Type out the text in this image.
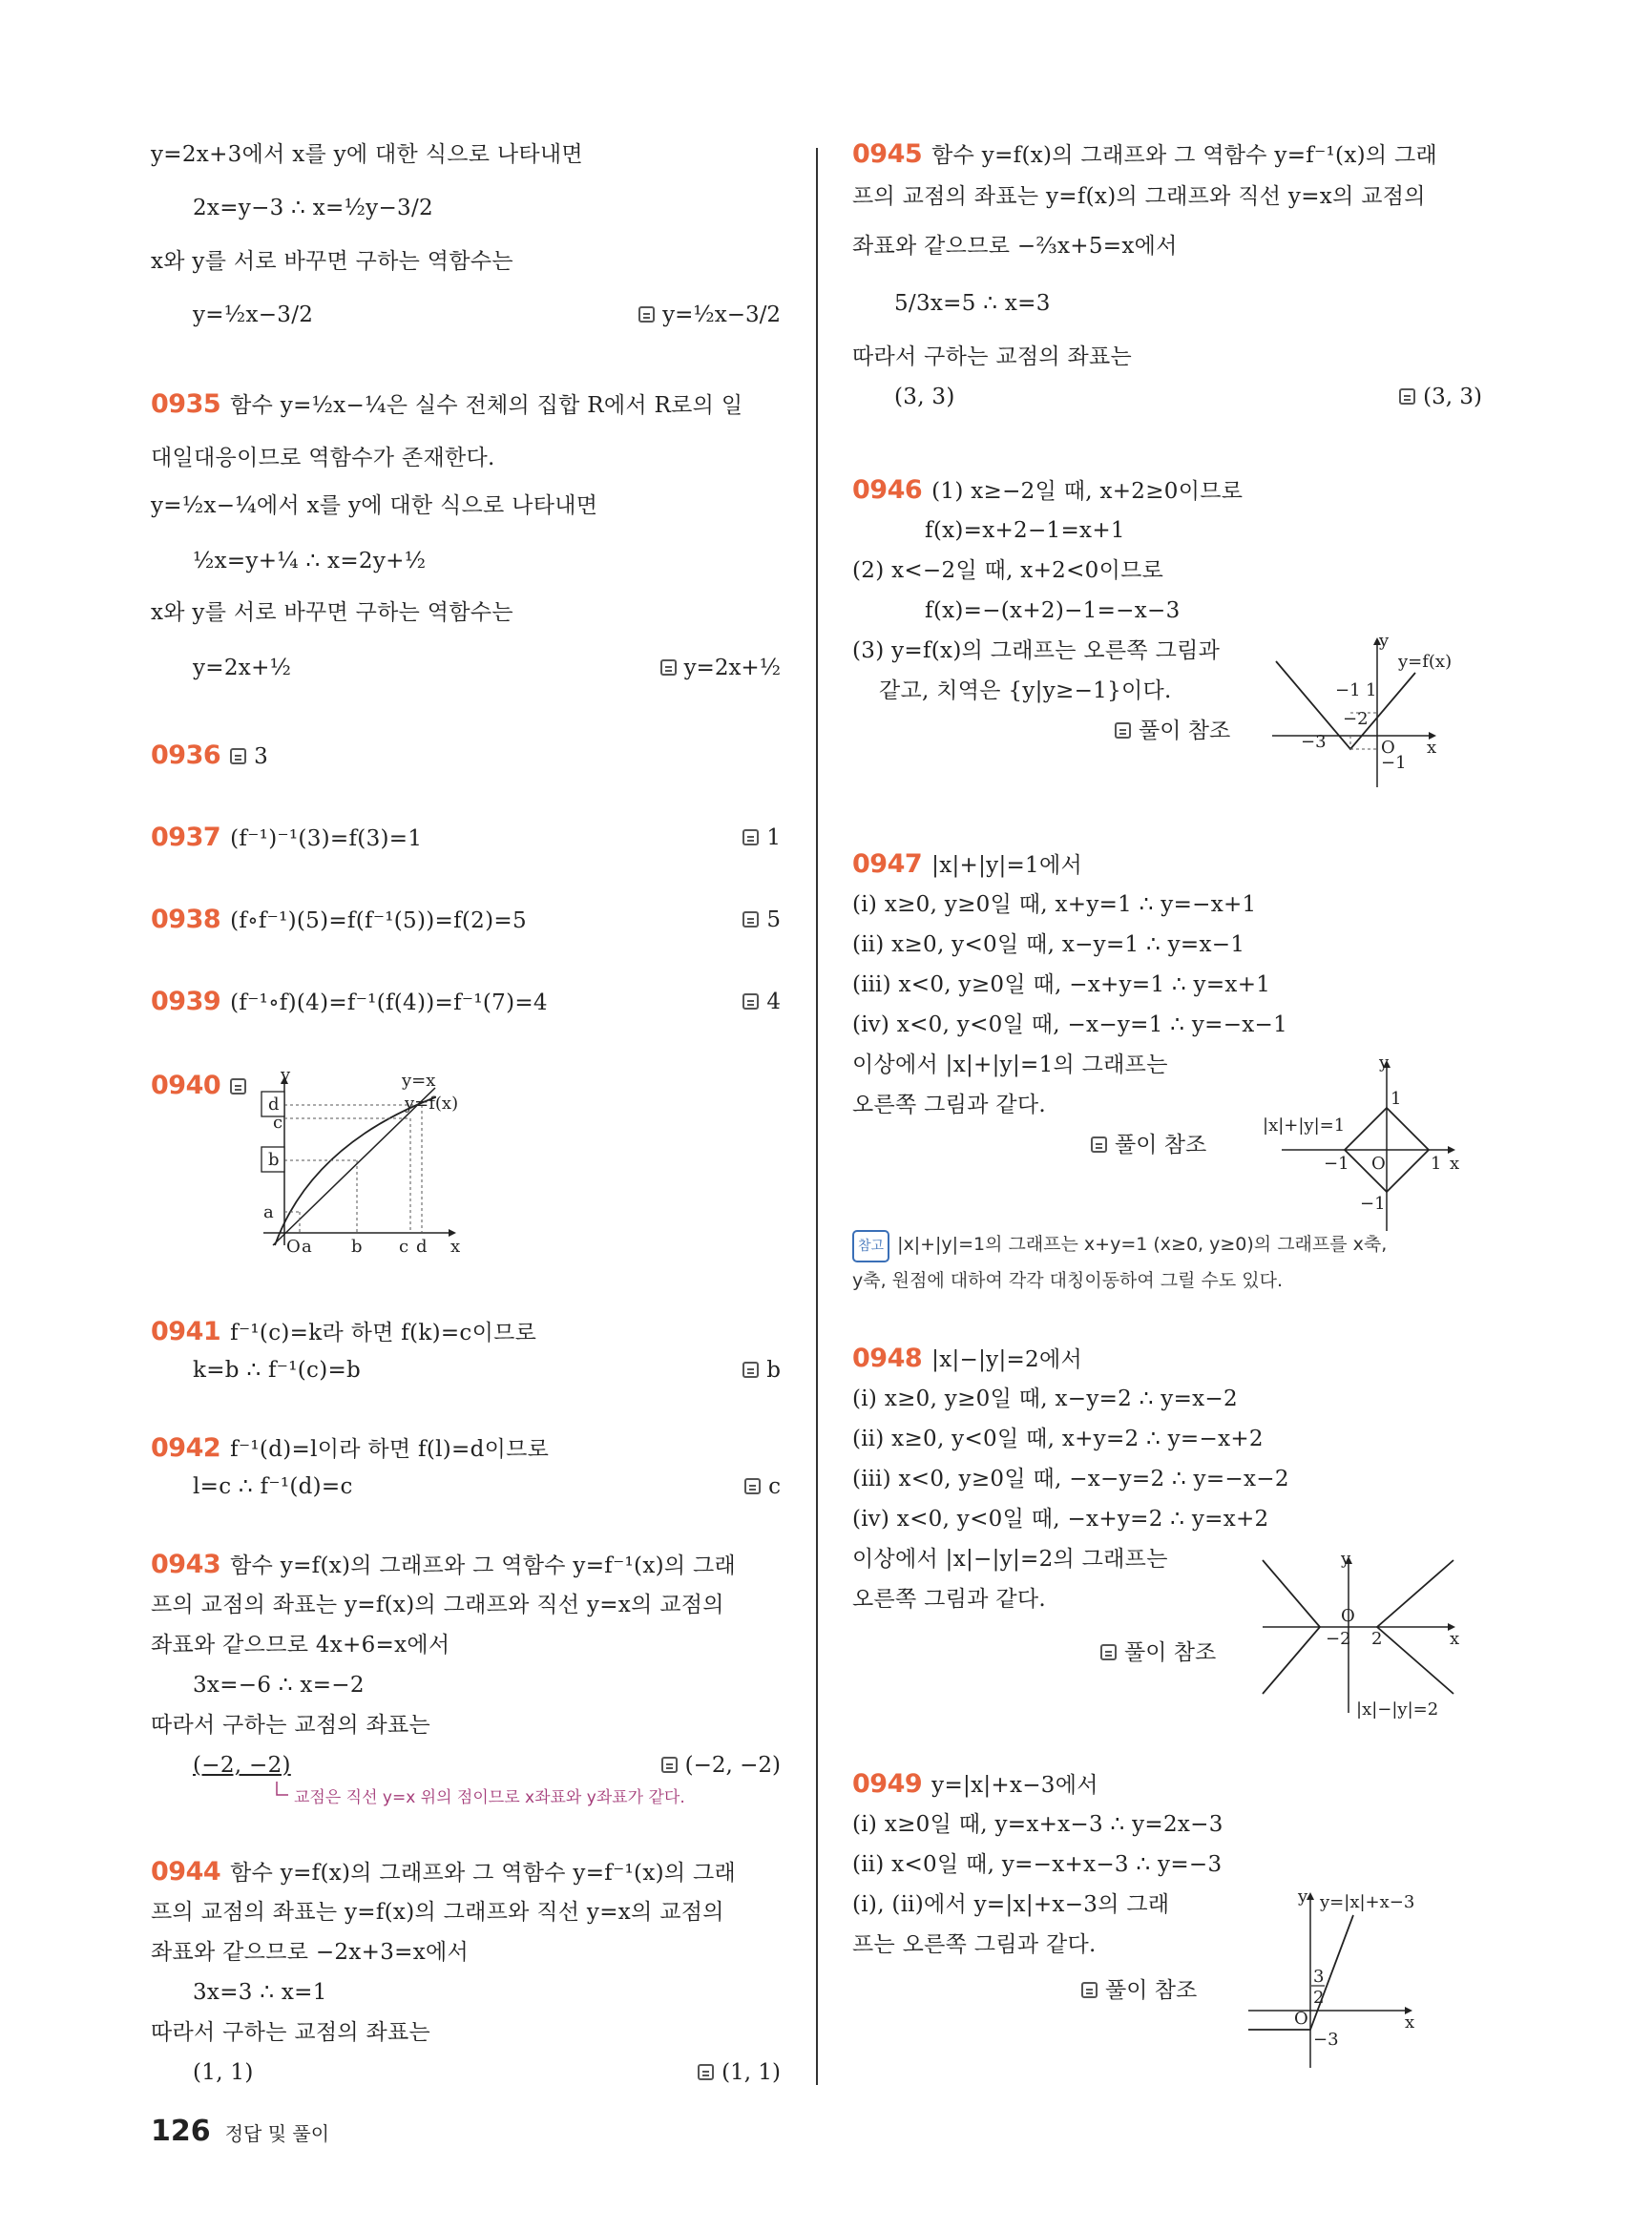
y=2x+3에서 x를 y에 대한 식으로 나타내면
2x=y−3 ∴ x=½y−3/2
x와 y를 서로 바꾸면 구하는 역함수는
y=½x−3/2	y=½x−3/2
0935 함수 y=½x−¼은 실수 전체의 집합 R에서 R로의 일
대일대응이므로 역함수가 존재한다.
y=½x−¼에서 x를 y에 대한 식으로 나타내면
½x=y+¼ ∴ x=2y+½
x와 y를 서로 바꾸면 구하는 역함수는
y=2x+½	y=2x+½
0936 3
0937 (f⁻¹)⁻¹(3)=f(3)=1	1
0938 (f∘f⁻¹)(5)=f(f⁻¹(5))=f(2)=5	5
0939 (f⁻¹∘f)(4)=f⁻¹(f(4))=f⁻¹(7)=4	4
0940
b
d
c
a
y	y=x
y=f(x)
O a b c d x
0941 f⁻¹(c)=k라 하면 f(k)=c이므로
k=b ∴ f⁻¹(c)=b	b
0942 f⁻¹(d)=l이라 하면 f(l)=d이므로
l=c ∴ f⁻¹(d)=c	c
0943 함수 y=f(x)의 그래프와 그 역함수 y=f⁻¹(x)의 그래
프의 교점의 좌표는 y=f(x)의 그래프와 직선 y=x의 교점의
좌표와 같으므로 4x+6=x에서
3x=−6 ∴ x=−2
따라서 구하는 교점의 좌표는
(−2, −2)	(−2, −2)
교점은 직선 y=x 위의 점이므로 x좌표와 y좌표가 같다.
0944 함수 y=f(x)의 그래프와 그 역함수 y=f⁻¹(x)의 그래
프의 교점의 좌표는 y=f(x)의 그래프와 직선 y=x의 교점의
좌표와 같으므로 −2x+3=x에서
3x=3 ∴ x=1
따라서 구하는 교점의 좌표는
(1, 1)	(1, 1)
0945 함수 y=f(x)의 그래프와 그 역함수 y=f⁻¹(x)의 그래
프의 교점의 좌표는 y=f(x)의 그래프와 직선 y=x의 교점의
좌표와 같으므로 −⅔x+5=x에서
5/3x=5 ∴ x=3
따라서 구하는 교점의 좌표는
(3, 3)	(3, 3)
0946 (1) x≥−2일 때, x+2≥0이므로
f(x)=x+2−1=x+1
(2) x<−2일 때, x+2<0이므로
f(x)=−(x+2)−1=−x−3
(3) y=f(x)의 그래프는 오른쪽 그림과
같고, 치역은 {y|y≥−1}이다.
풀이 참조
y
y=f(x)
−1 1
−2
−3	O x
−1
0947 |x|+|y|=1에서
(ⅰ) x≥0, y≥0일 때, x+y=1 ∴ y=−x+1
(ⅱ) x≥0, y<0일 때, x−y=1 ∴ y=x−1
(ⅲ) x<0, y≥0일 때, −x+y=1 ∴ y=x+1
(ⅳ) x<0, y<0일 때, −x−y=1 ∴ y=−x−1
이상에서 |x|+|y|=1의 그래프는
오른쪽 그림과 같다.
풀이 참조
y
1
|x|+|y|=1
−1 O	1 x
−1
참고 |x|+|y|=1의 그래프는 x+y=1 (x≥0, y≥0)의 그래프를 x축,
y축, 원점에 대하여 각각 대칭이동하여 그릴 수도 있다.
0948 |x|−|y|=2에서
(ⅰ) x≥0, y≥0일 때, x−y=2 ∴ y=x−2
(ⅱ) x≥0, y<0일 때, x+y=2 ∴ y=−x+2
(ⅲ) x<0, y≥0일 때, −x−y=2 ∴ y=−x−2
(ⅳ) x<0, y<0일 때, −x+y=2 ∴ y=x+2
이상에서 |x|−|y|=2의 그래프는
오른쪽 그림과 같다.
풀이 참조
y
O
−2 2	x
|x|−|y|=2
0949 y=|x|+x−3에서
(ⅰ) x≥0일 때, y=x+x−3 ∴ y=2x−3
(ⅱ) x<0일 때, y=−x+x−3 ∴ y=−3
(ⅰ), (ⅱ)에서 y=|x|+x−3의 그래
프는 오른쪽 그림과 같다.
풀이 참조
y y=|x|+x−3
3
2
O	x
−3
126 정답 및 풀이
